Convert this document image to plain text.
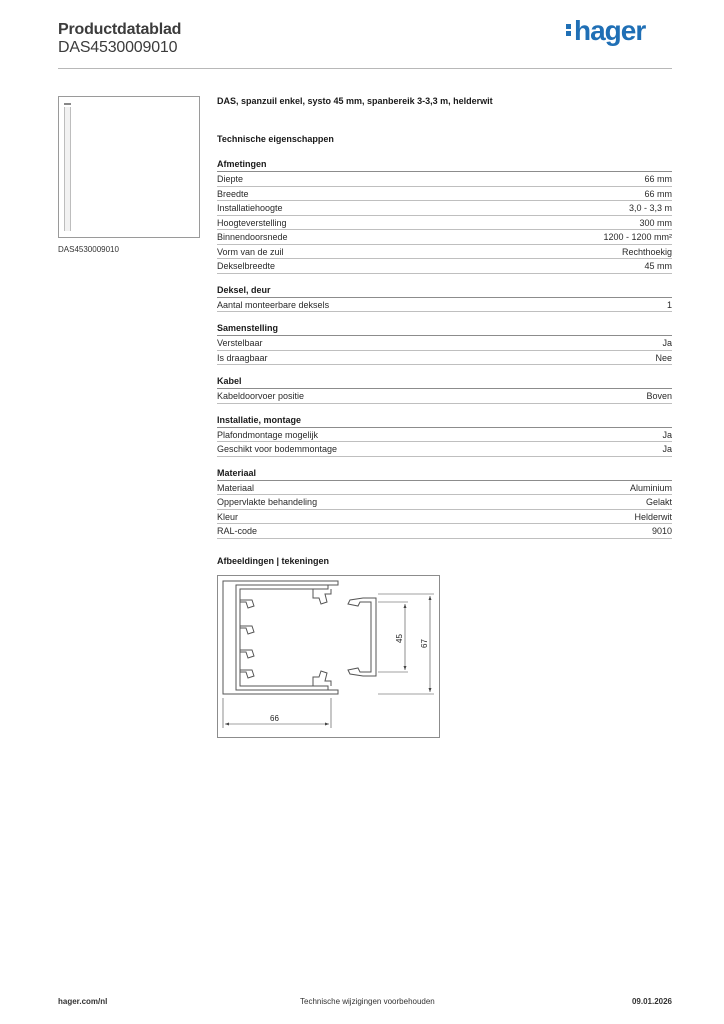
Productdatablad
DAS4530009010
hager
DAS4530009010
DAS, spanzuil enkel, systo 45 mm, spanbereik 3-3,3 m, helderwit
Technische eigenschappen
Afmetingen
Diepte	66 mm
Breedte	66 mm
Installatiehoogte	3,0 - 3,3 m
Hoogteverstelling	300 mm
Binnendoorsnede	1200 - 1200 mm²
Vorm van de zuil	Rechthoekig
Dekselbreedte	45 mm
Deksel, deur
Aantal monteerbare deksels	1
Samenstelling
Verstelbaar	Ja
Is draagbaar	Nee
Kabel
Kabeldoorvoer positie	Boven
Installatie, montage
Plafondmontage mogelijk	Ja
Geschikt voor bodemmontage	Ja
Materiaal
Materiaal	Aluminium
Oppervlakte behandeling	Gelakt
Kleur	Helderwit
RAL-code	9010
Afbeeldingen | tekeningen
66
45
67
hager.com/nl	Technische wijzigingen voorbehouden	09.01.2026
